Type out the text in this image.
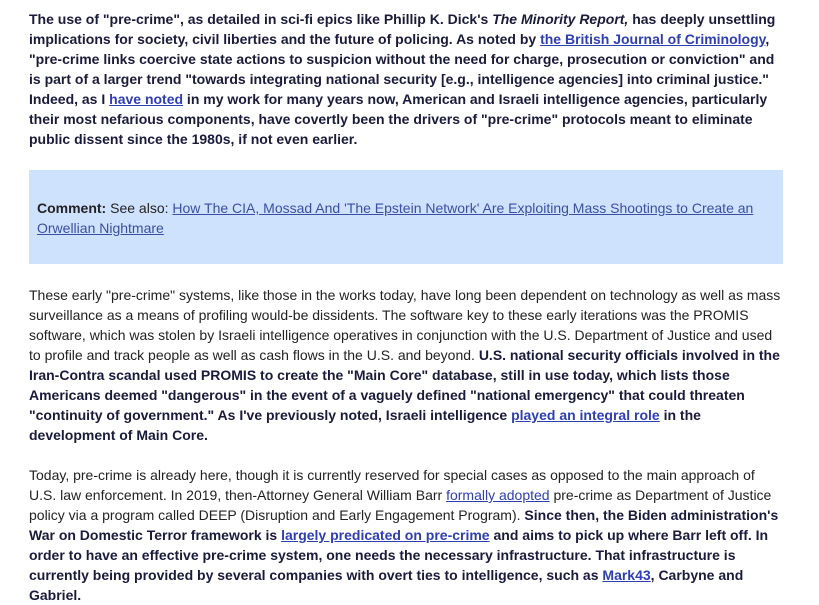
The use of "pre-crime", as detailed in sci-fi epics like Phillip K. Dick's The Minority Report, has deeply unsettling implications for society, civil liberties and the future of policing. As noted by the British Journal of Criminology, "pre-crime links coercive state actions to suspicion without the need for charge, prosecution or conviction" and is part of a larger trend "towards integrating national security [e.g., intelligence agencies] into criminal justice." Indeed, as I have noted in my work for many years now, American and Israeli intelligence agencies, particularly their most nefarious components, have covertly been the drivers of "pre-crime" protocols meant to eliminate public dissent since the 1980s, if not even earlier.

Comment: See also: How The CIA, Mossad And 'The Epstein Network' Are Exploiting Mass Shootings to Create an Orwellian Nightmare

These early "pre-crime" systems, like those in the works today, have long been dependent on technology as well as mass surveillance as a means of profiling would-be dissidents. The software key to these early iterations was the PROMIS software, which was stolen by Israeli intelligence operatives in conjunction with the U.S. Department of Justice and used to profile and track people as well as cash flows in the U.S. and beyond. U.S. national security officials involved in the Iran-Contra scandal used PROMIS to create the "Main Core" database, still in use today, which lists those Americans deemed "dangerous" in the event of a vaguely defined "national emergency" that could threaten "continuity of government." As I've previously noted, Israeli intelligence played an integral role in the development of Main Core.

Today, pre-crime is already here, though it is currently reserved for special cases as opposed to the main approach of U.S. law enforcement. In 2019, then-Attorney General William Barr formally adopted pre-crime as Department of Justice policy via a program called DEEP (Disruption and Early Engagement Program). Since then, the Biden administration's War on Domestic Terror framework is largely predicated on pre-crime and aims to pick up where Barr left off. In order to have an effective pre-crime system, one needs the necessary infrastructure. That infrastructure is currently being provided by several companies with overt ties to intelligence, such as Mark43, Carbyne and Gabriel.
